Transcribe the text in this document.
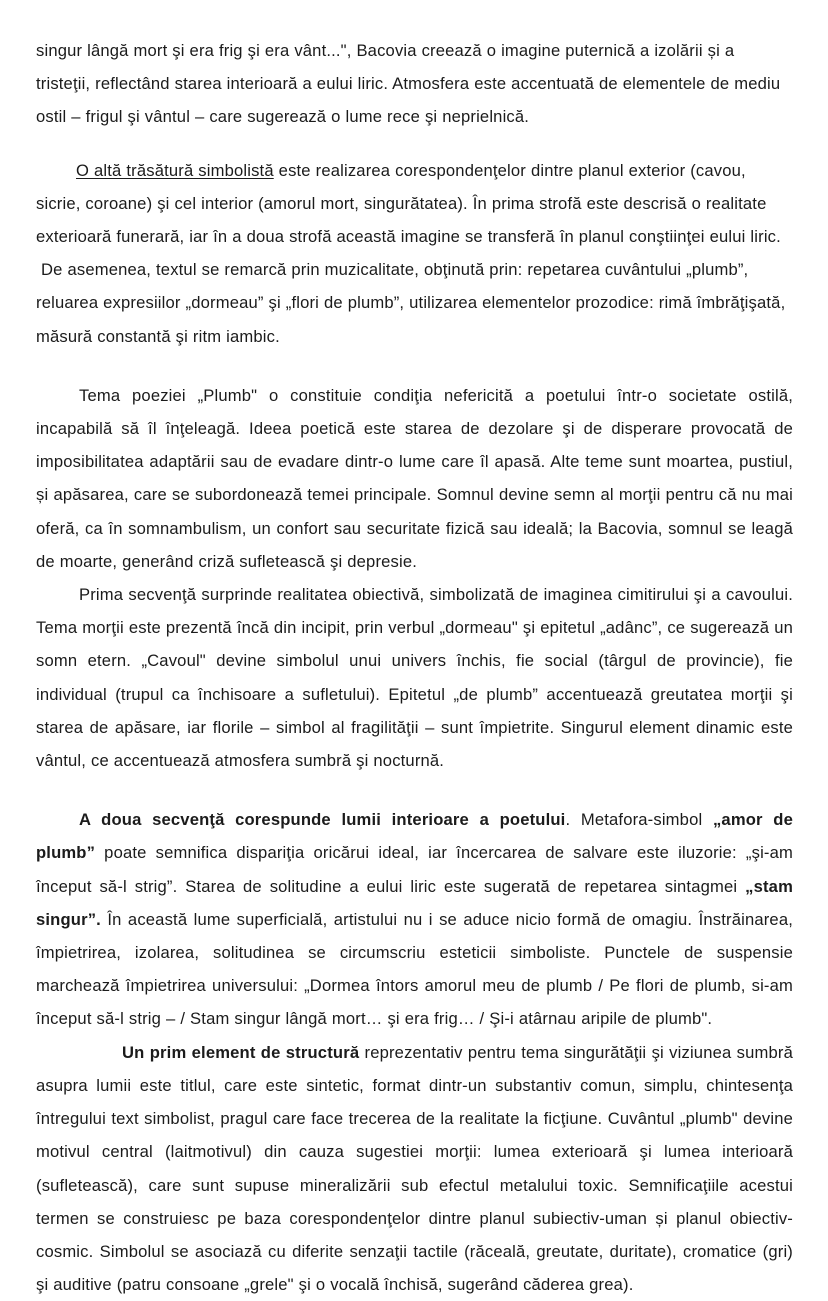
singur lângă mort şi era frig şi era vânt...", Bacovia creează o imagine puternică a izolării și a tristeţii, reflectând starea interioară a eului liric. Atmosfera este accentuată de elementele de mediu ostil – frigul şi vântul – care sugerează o lume rece şi neprielnică.

O altă trăsătură simbolistă este realizarea corespondenţelor dintre planul exterior (cavou, sicrie, coroane) şi cel interior (amorul mort, singurătatea). În prima strofă este descrisă o realitate exterioară funerară, iar în a doua strofă această imagine se transferă în planul conştiinţei eului liric.

De asemenea, textul se remarcă prin muzicalitate, obţinută prin: repetarea cuvântului „plumb”, reluarea expresiilor „dormeau” şi „flori de plumb”, utilizarea elementelor prozodice: rimă îmbrăţişată, măsură constantă şi ritm iambic.

Tema poeziei „Plumb" o constituie condiţia nefericită a poetului într-o societate ostilă, incapabilă să îl înţeleagă. Ideea poetică este starea de dezolare şi de disperare provocată de imposibilitatea adaptării sau de evadare dintr-o lume care îl apasă. Alte teme sunt moartea, pustiul, și apăsarea, care se subordonează temei principale. Somnul devine semn al morţii pentru că nu mai oferă, ca în somnambulism, un confort sau securitate fizică sau ideală; la Bacovia, somnul se leagă de moarte, generând criză sufletească şi depresie.

Prima secvenţă surprinde realitatea obiectivă, simbolizată de imaginea cimitirului şi a cavoului. Tema morţii este prezentă încă din incipit, prin verbul „dormeau" şi epitetul „adânc”, ce sugerează un somn etern. „Cavoul" devine simbolul unui univers închis, fie social (târgul de provincie), fie individual (trupul ca închisoare a sufletului). Epitetul „de plumb” accentuează greutatea morţii şi starea de apăsare, iar florile – simbol al fragilităţii – sunt împietrite. Singurul element dinamic este vântul, ce accentuează atmosfera sumbră şi nocturnă.

A doua secvenţă corespunde lumii interioare a poetului. Metafora-simbol „amor de plumb” poate semnifica dispariţia oricărui ideal, iar încercarea de salvare este iluzorie: „şi-am început să-l strig”. Starea de solitudine a eului liric este sugerată de repetarea sintagmei „stam singur”. În această lume superficială, artistului nu i se aduce nicio formă de omagiu. Înstrăinarea, împietrirea, izolarea, solitudinea se circumscriu esteticii simboliste. Punctele de suspensie marchează împietrirea universului: „Dormea întors amorul meu de plumb / Pe flori de plumb, si-am început să-l strig – / Stam singur lângă mort… şi era frig… / Şi-i atârnau aripile de plumb".

Un prim element de structură reprezentativ pentru tema singurătăţii şi viziunea sumbră asupra lumii este titlul, care este sintetic, format dintr-un substantiv comun, simplu, chintesenţa întregului text simbolist, pragul care face trecerea de la realitate la ficţiune. Cuvântul „plumb" devine motivul central (laitmotivul) din cauza sugestiei morţii: lumea exterioară şi lumea interioară (sufletească), care sunt supuse mineralizării sub efectul metalului toxic. Semnificaţiile acestui termen se construiesc pe baza corespondenţelor dintre planul subiectiv-uman și planul obiectiv-cosmic. Simbolul se asociază cu diferite senzaţii tactile (răceală, greutate, duritate), cromatice (gri) şi auditive (patru consoane „grele" şi o vocală închisă, sugerând căderea grea).
